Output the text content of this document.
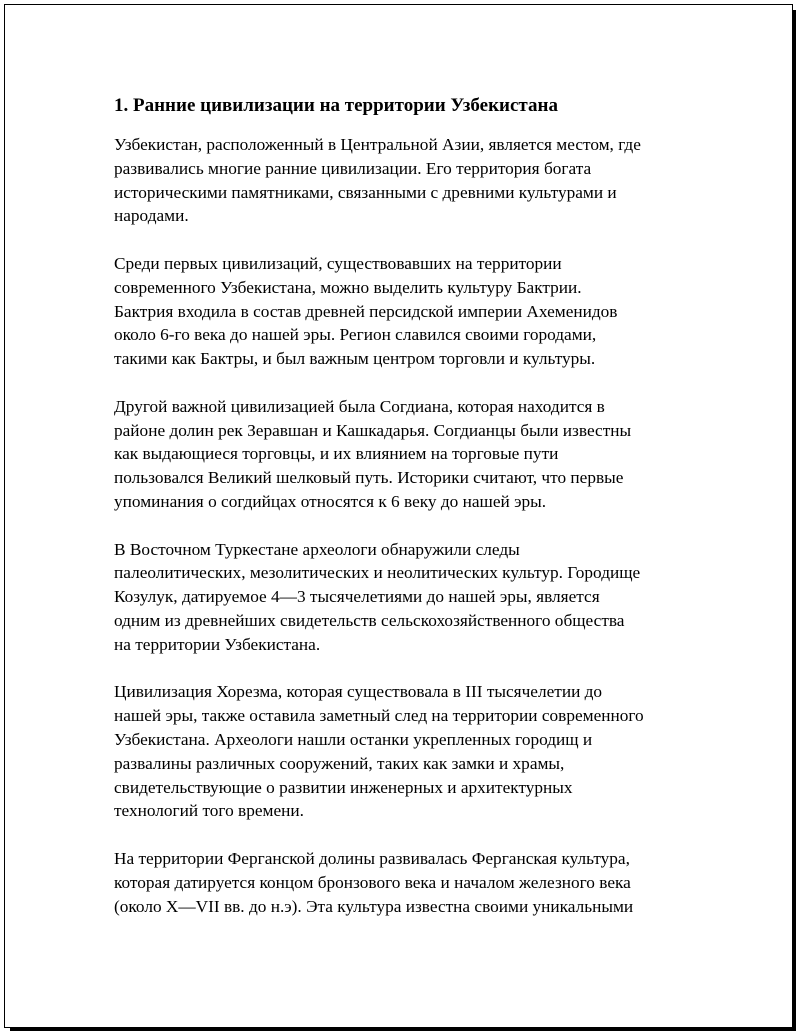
1. Ранние цивилизации на территории Узбекистана
Узбекистан, расположенный в Центральной Азии, является местом, где
развивались многие ранние цивилизации. Его территория богата
историческими памятниками, связанными с древними культурами и
народами.
Среди первых цивилизаций, существовавших на территории
современного Узбекистана, можно выделить культуру Бактрии.
Бактрия входила в состав древней персидской империи Ахеменидов
около 6-го века до нашей эры. Регион славился своими городами,
такими как Бактры, и был важным центром торговли и культуры.
Другой важной цивилизацией была Согдиана, которая находится в
районе долин рек Зеравшан и Кашкадарья. Согдианцы были известны
как выдающиеся торговцы, и их влиянием на торговые пути
пользовался Великий шелковый путь. Историки считают, что первые
упоминания о согдийцах относятся к 6 веку до нашей эры.
В Восточном Туркестане археологи обнаружили следы
палеолитических, мезолитических и неолитических культур. Городище
Козулук, датируемое 4—3 тысячелетиями до нашей эры, является
одним из древнейших свидетельств сельскохозяйственного общества
на территории Узбекистана.
Цивилизация Хорезма, которая существовала в III тысячелетии до
нашей эры, также оставила заметный след на территории современного
Узбекистана. Археологи нашли останки укрепленных городищ и
развалины различных сооружений, таких как замки и храмы,
свидетельствующие о развитии инженерных и архитектурных
технологий того времени.
На территории Ферганской долины развивалась Ферганская культура,
которая датируется концом бронзового века и началом железного века
(около X—VII вв. до н.э). Эта культура известна своими уникальными
